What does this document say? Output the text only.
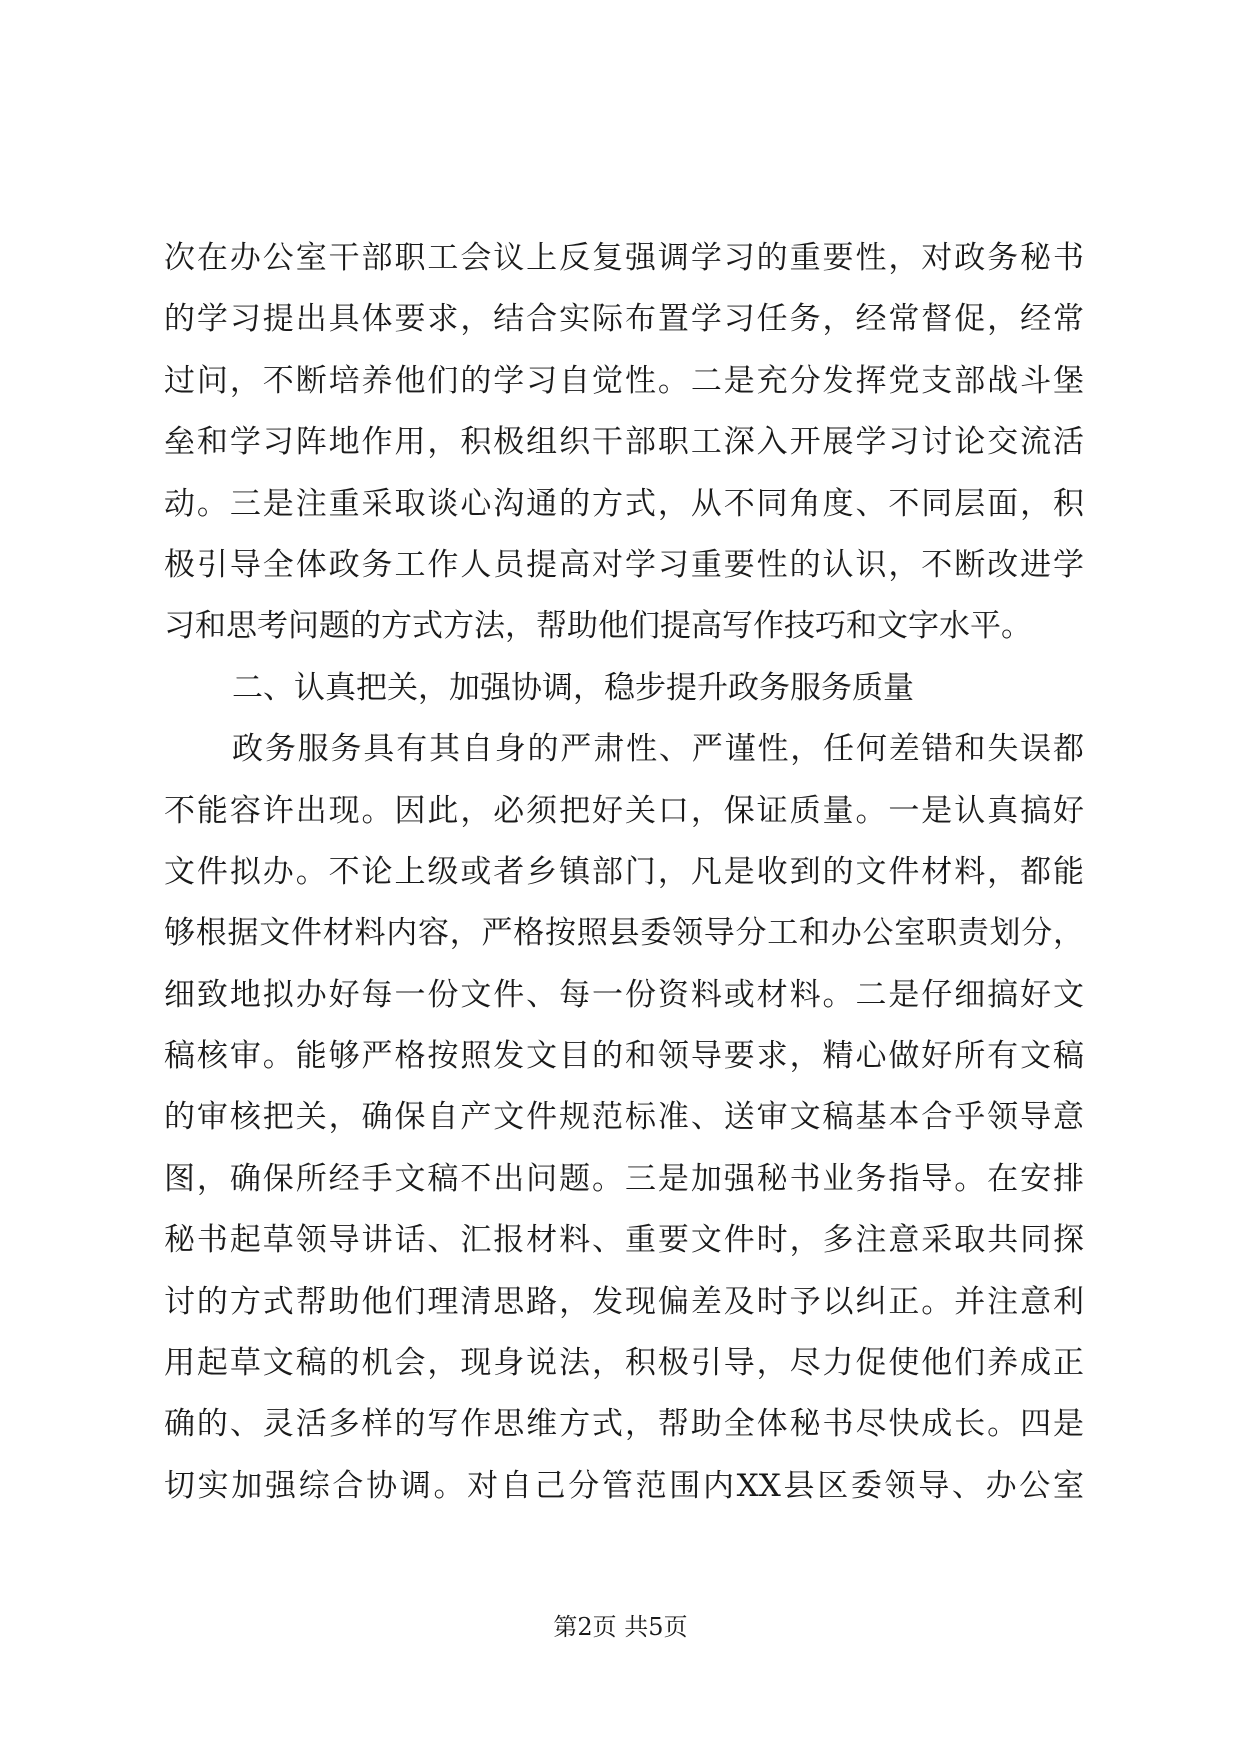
次在办公室干部职工会议上反复强调学习的重要性，对政务秘书
的学习提出具体要求，结合实际布置学习任务，经常督促，经常
过问，不断培养他们的学习自觉性。二是充分发挥党支部战斗堡
垒和学习阵地作用，积极组织干部职工深入开展学习讨论交流活
动。三是注重采取谈心沟通的方式，从不同角度、不同层面，积
极引导全体政务工作人员提高对学习重要性的认识，不断改进学
习和思考问题的方式方法，帮助他们提高写作技巧和文字水平。
二、认真把关，加强协调，稳步提升政务服务质量
政务服务具有其自身的严肃性、严谨性，任何差错和失误都
不能容许出现。因此，必须把好关口，保证质量。一是认真搞好
文件拟办。不论上级或者乡镇部门，凡是收到的文件材料，都能
够根据文件材料内容，严格按照县委领导分工和办公室职责划分，
细致地拟办好每一份文件、每一份资料或材料。二是仔细搞好文
稿核审。能够严格按照发文目的和领导要求，精心做好所有文稿
的审核把关，确保自产文件规范标准、送审文稿基本合乎领导意
图，确保所经手文稿不出问题。三是加强秘书业务指导。在安排
秘书起草领导讲话、汇报材料、重要文件时，多注意采取共同探
讨的方式帮助他们理清思路，发现偏差及时予以纠正。并注意利
用起草文稿的机会，现身说法，积极引导，尽力促使他们养成正
确的、灵活多样的写作思维方式，帮助全体秘书尽快成长。四是
切实加强综合协调。对自己分管范围内XX县区委领导、办公室
第2页 共5页
